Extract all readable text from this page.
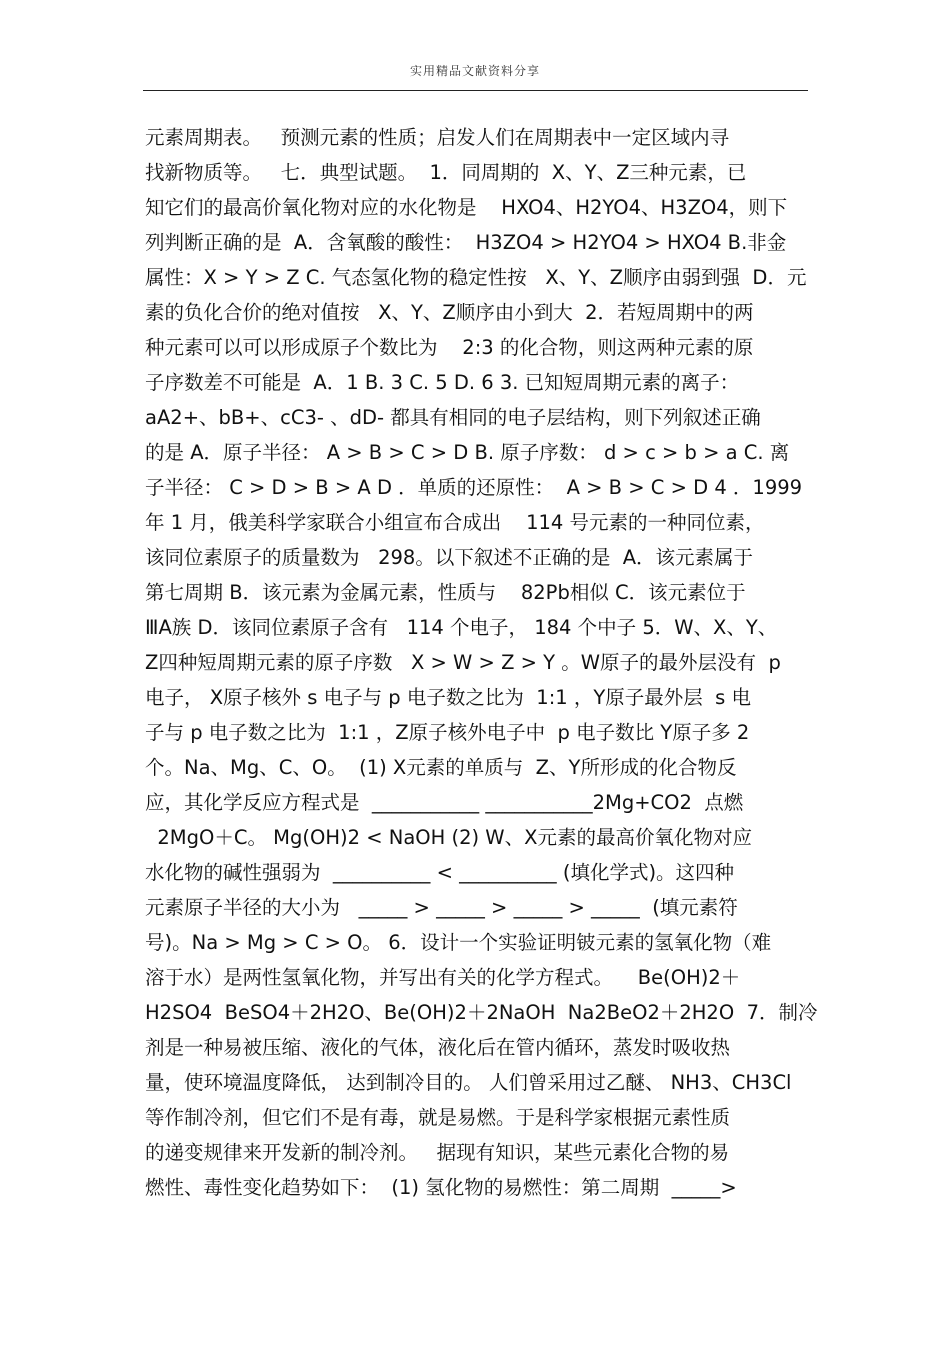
实用精品文献资料分享
元素周期表。   预测元素的性质；启发人们在周期表中一定区域内寻
找新物质等。   七．典型试题。  1．同周期的  X、Y、Z三种元素，已
知它们的最高价氧化物对应的水化物是    HXO4、H2YO4、H3ZO4，则下
列判断正确的是  A．含氧酸的酸性：  H3ZO4 > H2YO4 > HXO4 B.非金
属性：X > Y > Z C. 气态氢化物的稳定性按   X、Y、Z顺序由弱到强  D．元
素的负化合价的绝对值按   X、Y、Z顺序由小到大  2．若短周期中的两
种元素可以可以形成原子个数比为    2:3 的化合物，则这两种元素的原
子序数差不可能是  A．1 B. 3 C. 5 D. 6 3. 已知短周期元素的离子：
aA2+、bB+、cC3- 、dD- 都具有相同的电子层结构，则下列叙述正确
的是 A．原子半径： A > B > C > D B. 原子序数： d > c > b > a C. 离
子半径： C > D > B > A D ．单质的还原性：  A > B > C > D 4 ．1999
年 1 月，俄美科学家联合小组宣布合成出    114 号元素的一种同位素，
该同位素原子的质量数为   298。以下叙述不正确的是  A．该元素属于
第七周期 B．该元素为金属元素，性质与    82Pb相似 C．该元素位于
ⅢA族 D．该同位素原子含有   114 个电子， 184 个中子 5．W、X、Y、
Z四种短周期元素的原子序数   X > W > Z > Y 。W原子的最外层没有  p
电子， X原子核外 s 电子与 p 电子数之比为  1:1 ，Y原子最外层  s 电
子与 p 电子数之比为  1:1 ，Z原子核外电子中  p 电子数比 Y原子多 2
个。Na、Mg、C、O。  (1) X元素的单质与  Z、Y所形成的化合物反
应，其化学反应方程式是  ___________ ___________2Mg+CO2  点燃
2MgO＋C。 Mg(OH)2 < NaOH (2) W、X元素的最高价氧化物对应
水化物的碱性强弱为  __________ < __________ (填化学式)。这四种
元素原子半径的大小为   _____ > _____ > _____ > _____  (填元素符
号)。Na > Mg > C > O。 6．设计一个实验证明铍元素的氢氧化物（难
溶于水）是两性氢氧化物，并写出有关的化学方程式。    Be(OH)2＋
H2SO4  BeSO4＋2H2O、Be(OH)2＋2NaOH  Na2BeO2＋2H2O  7．制冷
剂是一种易被压缩、液化的气体，液化后在管内循环，蒸发时吸收热
量，使环境温度降低， 达到制冷目的。 人们曾采用过乙醚、 NH3、CH3Cl
等作制冷剂，但它们不是有毒，就是易燃。于是科学家根据元素性质
的递变规律来开发新的制冷剂。   据现有知识，某些元素化合物的易
燃性、毒性变化趋势如下：  (1) 氢化物的易燃性：第二周期  _____>
